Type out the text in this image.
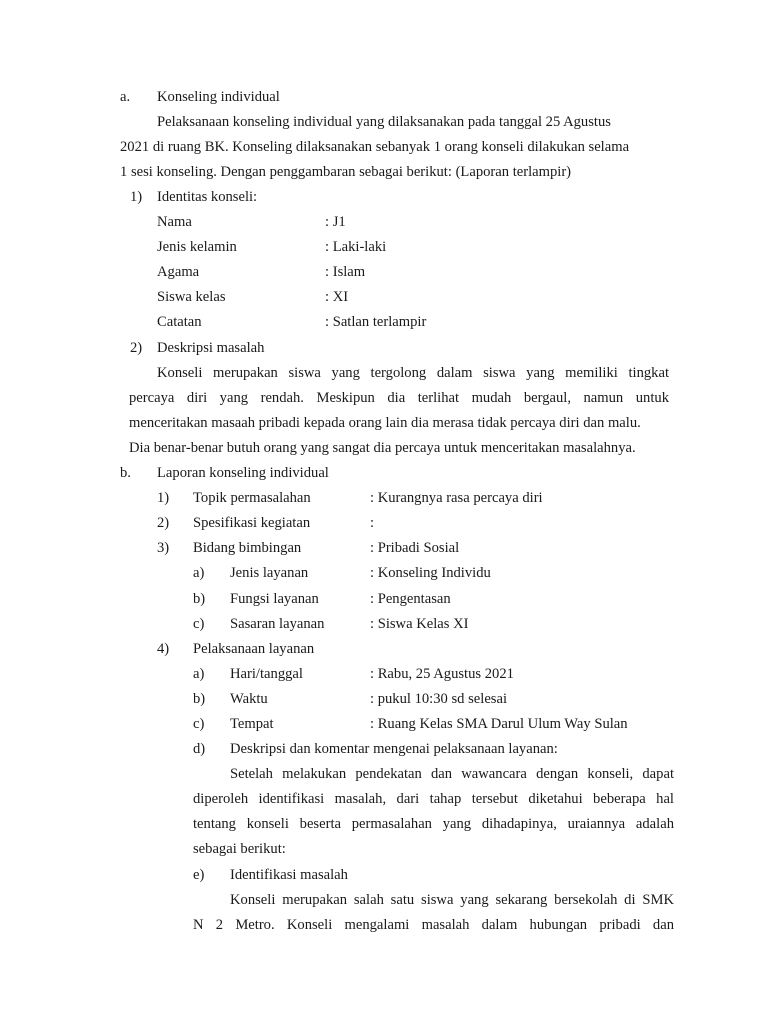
a. Konseling individual
Pelaksanaan konseling individual yang dilaksanakan pada tanggal 25 Agustus
2021 di ruang BK. Konseling dilaksanakan sebanyak 1 orang konseli dilakukan selama
1 sesi konseling. Dengan penggambaran sebagai berikut: (Laporan terlampir)
1) Identitas konseli:
Nama	: J1
Jenis kelamin	: Laki-laki
Agama	: Islam
Siswa kelas	: XI
Catatan	: Satlan terlampir
2) Deskripsi masalah
Konseli merupakan siswa yang tergolong dalam siswa yang memiliki tingkat
percaya diri yang rendah. Meskipun dia terlihat mudah bergaul, namun untuk
menceritakan masaah pribadi kepada orang lain dia merasa tidak percaya diri dan malu.
Dia benar-benar butuh orang yang sangat dia percaya untuk menceritakan masalahnya.
b. Laporan konseling individual
1) Topik permasalahan	: Kurangnya rasa percaya diri
2) Spesifikasi kegiatan	:
3) Bidang bimbingan	: Pribadi Sosial
a) Jenis layanan	: Konseling Individu
b) Fungsi layanan	: Pengentasan
c) Sasaran layanan	: Siswa Kelas XI
4) Pelaksanaan layanan
a) Hari/tanggal	: Rabu, 25 Agustus 2021
b) Waktu	: pukul 10:30 sd selesai
c) Tempat	: Ruang Kelas SMA Darul Ulum Way Sulan
d) Deskripsi dan komentar mengenai pelaksanaan layanan:
Setelah melakukan pendekatan dan wawancara dengan konseli, dapat
diperoleh identifikasi masalah, dari tahap tersebut diketahui beberapa hal
tentang konseli beserta permasalahan yang dihadapinya, uraiannya adalah
sebagai berikut:
e) Identifikasi masalah
Konseli merupakan salah satu siswa yang sekarang bersekolah di SMK
N 2 Metro. Konseli mengalami masalah dalam hubungan pribadi dan
